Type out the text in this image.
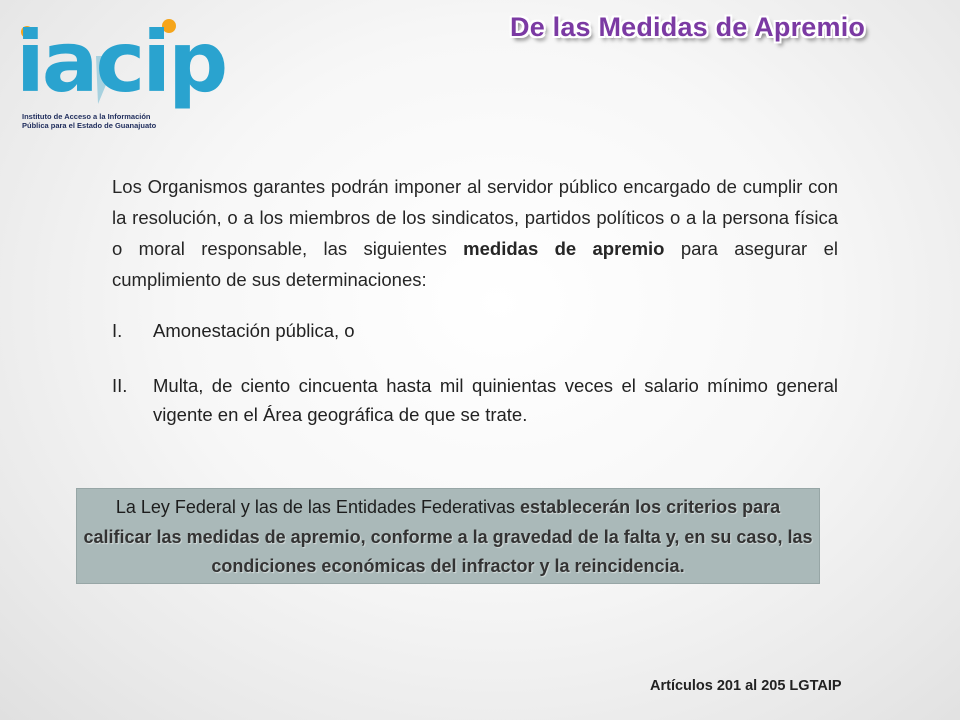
iacip
Instituto de Acceso a la Información
Pública para el Estado de Guanajuato
De las Medidas de Apremio

Los Organismos garantes podrán imponer al servidor público encargado de cumplir con la resolución, o a los miembros de los sindicatos, partidos políticos o a la persona física o moral responsable, las siguientes medidas de apremio para asegurar el cumplimiento de sus determinaciones:

I.	Amonestación pública, o
II.	Multa, de ciento cincuenta hasta mil quinientas veces el salario mínimo general vigente en el Área geográfica de que se trate.
La Ley Federal y las de las Entidades Federativas establecerán los criterios para calificar las medidas de apremio, conforme a la gravedad de la falta y, en su caso, las condiciones económicas del infractor y la reincidencia.
Artículos 201 al 205 LGTAIP
